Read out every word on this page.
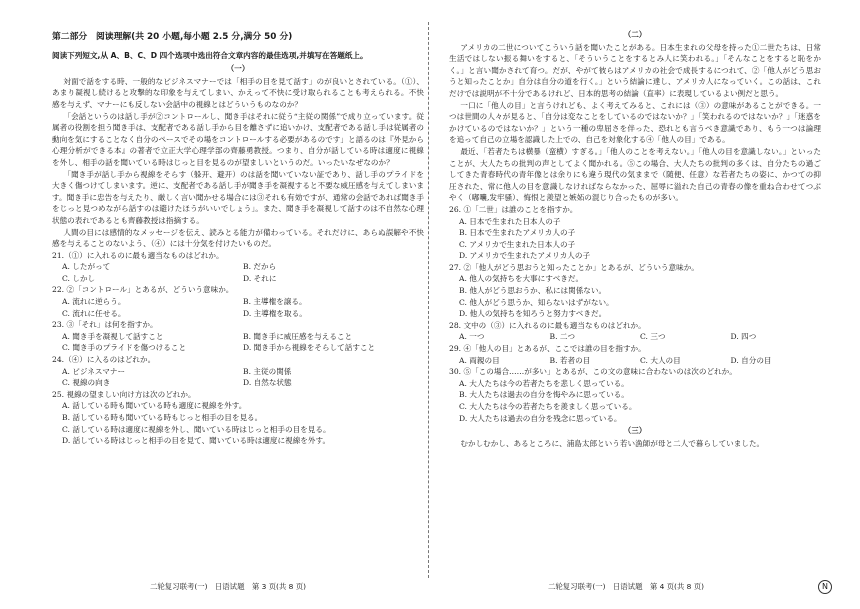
第二部分　阅读理解(共 20 小题,每小题 2.5 分,满分 50 分)
阅读下列短文,从 A、B、C、D 四个选项中选出符合文章内容的最佳选项,并填写在答题纸上。
（一）

対面で話をする時、一般的なビジネスマナーでは「相手の目を見て話す」のが良いとされている。（①）、あまり凝視し続けると攻撃的な印象を与えてしまい、かえって不快に受け取られることも考えられる。不快感を与えず、マナーにも反しない会話中の視線とはどういうものなのか？

「会話というのは話し手が②コントロールし、聞き手はそれに従う“主従の関係”で成り立っています。従属者の役割を担う聞き手は、支配者である話し手から目を離さずに追いかけ、支配者である話し手は従属者の動向を気にすることなく自分のペースでその場をコントロールする必要があるのです」と語るのは『外見から心理分析ができる本』の著者で立正大学心理学部の齊藤勇教授。つまり、自分が話している時は適度に視線を外し、相手の話を聞いている時はじっと目を見るのが望ましいというのだ。いったいなぜなのか？

「聞き手が話し手から視線をそらす（躲开、避开）のは話を聞いていない証であり、話し手のプライドを大きく傷つけてしまいます。逆に、支配者である話し手が聞き手を凝視すると不要な威圧感を与えてしまいます。聞き手に忠告を与えたり、厳しく言い聞かせる場合には③それも有効ですが、通常の会話であれば聞き手をじっと見つめながら話すのは避けたほうがいいでしょう」。また、聞き手を凝視して話すのは不自然な心理状態の表れであるとも齊藤教授は指摘する。

人間の目には感情的なメッセージを伝え、読みとる能力が備わっている。それだけに、あらぬ誤解や不快感を与えることのないよう、（④）には十分気を付けたいものだ。

21.（①）に入れるのに最も適当なものはどれか。
A. したがって	B. だから
C. しかし	D. それに
22. ②「コントロール」とあるが、どういう意味か。
A. 流れに逆らう。	B. 主導権を譲る。
C. 流れに任せる。	D. 主導権を取る。
23. ③「それ」は何を指すか。
A. 聞き手を凝視して話すこと	B. 聞き手に威圧感を与えること
C. 聞き手のプライドを傷つけること	D. 聞き手から視線をそらして話すこと
24.（④）に入るのはどれか。
A. ビジネスマナー	B. 主従の関係
C. 視線の向き	D. 自然な状態
25. 視線の望ましい向け方は次のどれか。
A. 話している時も聞いている時も適度に視線を外す。
B. 話している時も聞いている時もじっと相手の目を見る。
C. 話している時は適度に視線を外し、聞いている時はじっと相手の目を見る。
D. 話している時はじっと相手の目を見て、聞いている時は適度に視線を外す。
（二）

アメリカの二世についてこういう話を聞いたことがある。日本生まれの父母を持った①二世たちは、日常生活ではしない振る舞いをすると、「そういうことをするとみ人に笑われる。」「そんなことをすると恥をかく。」と言い聞かされて育つ。だが、やがて彼らはアメリカの社会で成長するにつれて、②「他人がどう思おうと知ったことか」自分は自分の道を行く。」という結論に達し、アメリカ人になっていく。この話は、これだけでは説明が不十分であるけれど、日本的思考の結論（直率）に表現しているよい例だと思う。

一口に「他人の目」と言うけれども、よく考えてみると、これには（③）の意味があることができる。一つは世間の人々が見ると、「自分は変なことをしているのではないか？」「笑われるのではないか？」「迷惑をかけているのではないか？」という一種の卑屈さを伴った、恐れとも言うべき意識であり、もう一つは論理を追って自己の立場を認識した上での、自己を対象化する④「他人の目」である。

最近、「若者たちは横暴（蛮横）すぎる。」「他人のことを考えない。」「他人の目を意識しない。」といったことが、大人たちの批判の声としてよく聞かれる。⑤この場合、大人たちの批判の多くは、自分たちの過ごしてきた青春時代の青年像とは余りにも違う現代の気ままで（随便、任意）な若者たちの姿に、かつての抑圧された、常に他人の目を意識しなければならなかった、屈辱に溢れた自己の青春の像を重ね合わせてつぶやく（嘟囔,发牢骚）、悔恨と羨望と嫉妬の混じり合ったものが多い。

26. ①「二世」は誰のことを指すか。
A. 日本で生まれた日本人の子
B. 日本で生まれたアメリカ人の子
C. アメリカで生まれた日本人の子
D. アメリカで生まれたアメリカ人の子
27. ②「他人がどう思おうと知ったことか」とあるが、どういう意味か。
A. 他人の気持ちを大事にすべきだ。
B. 他人がどう思おうか、私には関係ない。
C. 他人がどう思うか、知らないはずがない。
D. 他人の気持ちを知ろうと努力すべきだ。
28. 文中の（③）に入れるのに最も適当なものはどれか。
A. 一つ	B. 二つ	C. 三つ	D. 四つ
29. ④「他人の目」とあるが、ここでは誰の目を指すか。
A. 両親の目	B. 若者の目	C. 大人の目	D. 自分の目
30. ⑤「この場合……が多い」とあるが、この文の意味に合わないのは次のどれか。
A. 大人たちは今の若者たちを悲しく思っている。
B. 大人たちは過去の自分を悔やみに思っている。
C. 大人たちは今の若者たちを羨ましく思っている。
D. 大人たちは過去の自分を残念に思っている。
（三）

むかしむかし、あるところに、浦島太郎という若い漁師が母と二人で暮らしていました。

二轮复习联考(一)　日语试题　第 3 页(共 8 页)	二轮复习联考(一)　日语试题　第 4 页(共 8 页)	N
